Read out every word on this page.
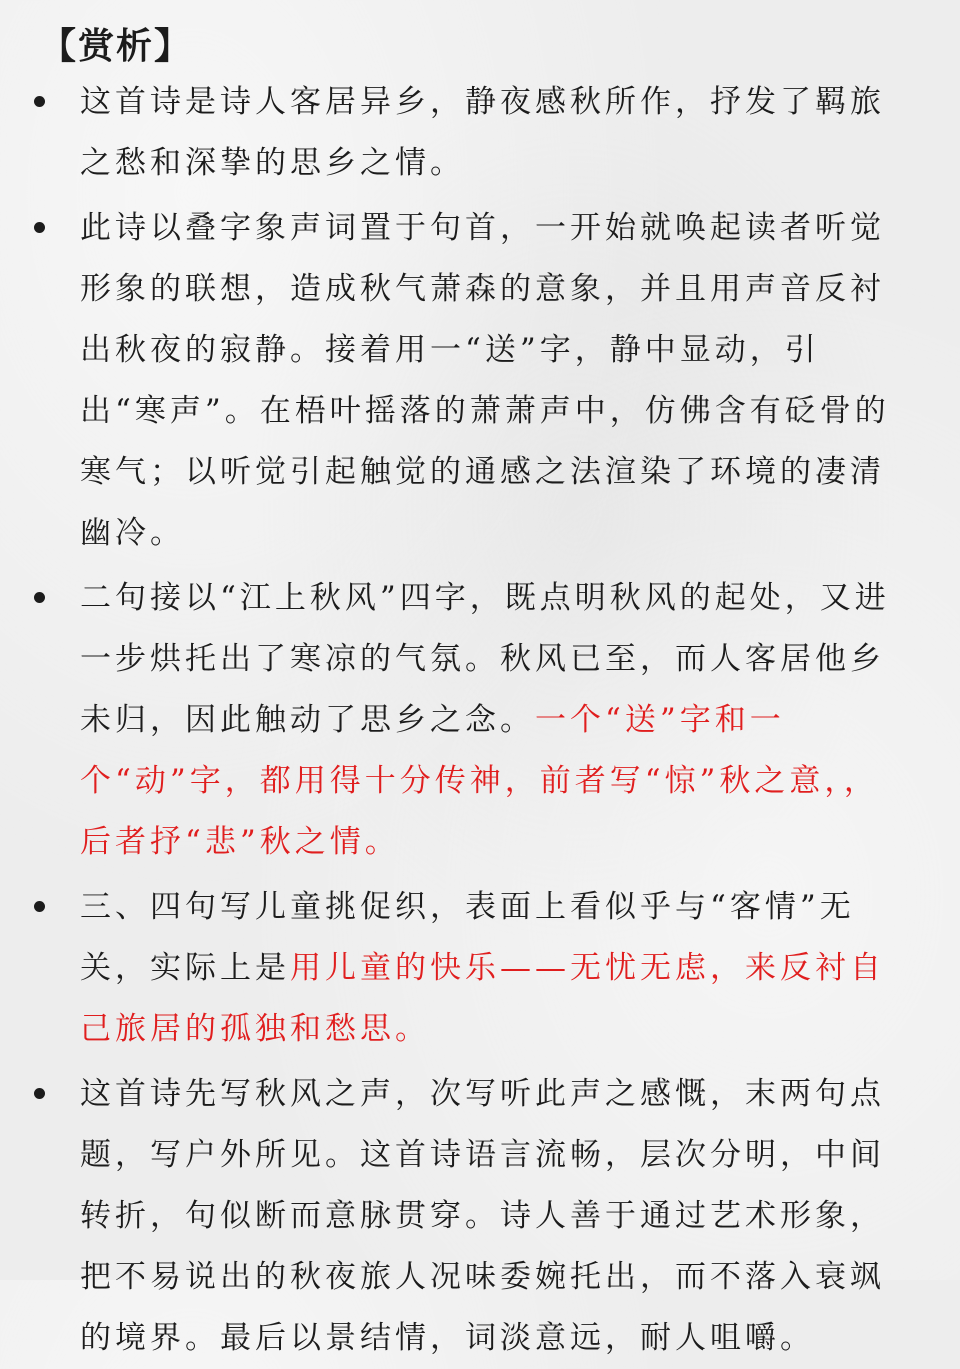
【赏析】
这首诗是诗人客居异乡，静夜感秋所作，抒发了羁旅之愁和深挚的思乡之情。
此诗以叠字象声词置于句首，一开始就唤起读者听觉形象的联想，造成秋气萧森的意象，并且用声音反衬出秋夜的寂静。接着用一“送”字，静中显动，引出“寒声”。在梧叶摇落的萧萧声中，仿佛含有砭骨的寒气；以听觉引起触觉的通感之法渲染了环境的凄清幽冷。
二句接以“江上秋风”四字，既点明秋风的起处，又进一步烘托出了寒凉的气氛。秋风已至，而人客居他乡未归，因此触动了思乡之念。一个“送”字和一个“动”字，都用得十分传神，前者写“惊”秋之意，，后者抒“悲”秋之情。
三、四句写儿童挑促织，表面上看似乎与“客情”无关，实际上是用儿童的快乐——无忧无虑，来反衬自己旅居的孤独和愁思。
这首诗先写秋风之声，次写听此声之感慨，末两句点题，写户外所见。这首诗语言流畅，层次分明，中间转折，句似断而意脉贯穿。诗人善于通过艺术形象，把不易说出的秋夜旅人况味委婉托出，而不落入衰飒的境界。最后以景结情，词淡意远，耐人咀嚼。
